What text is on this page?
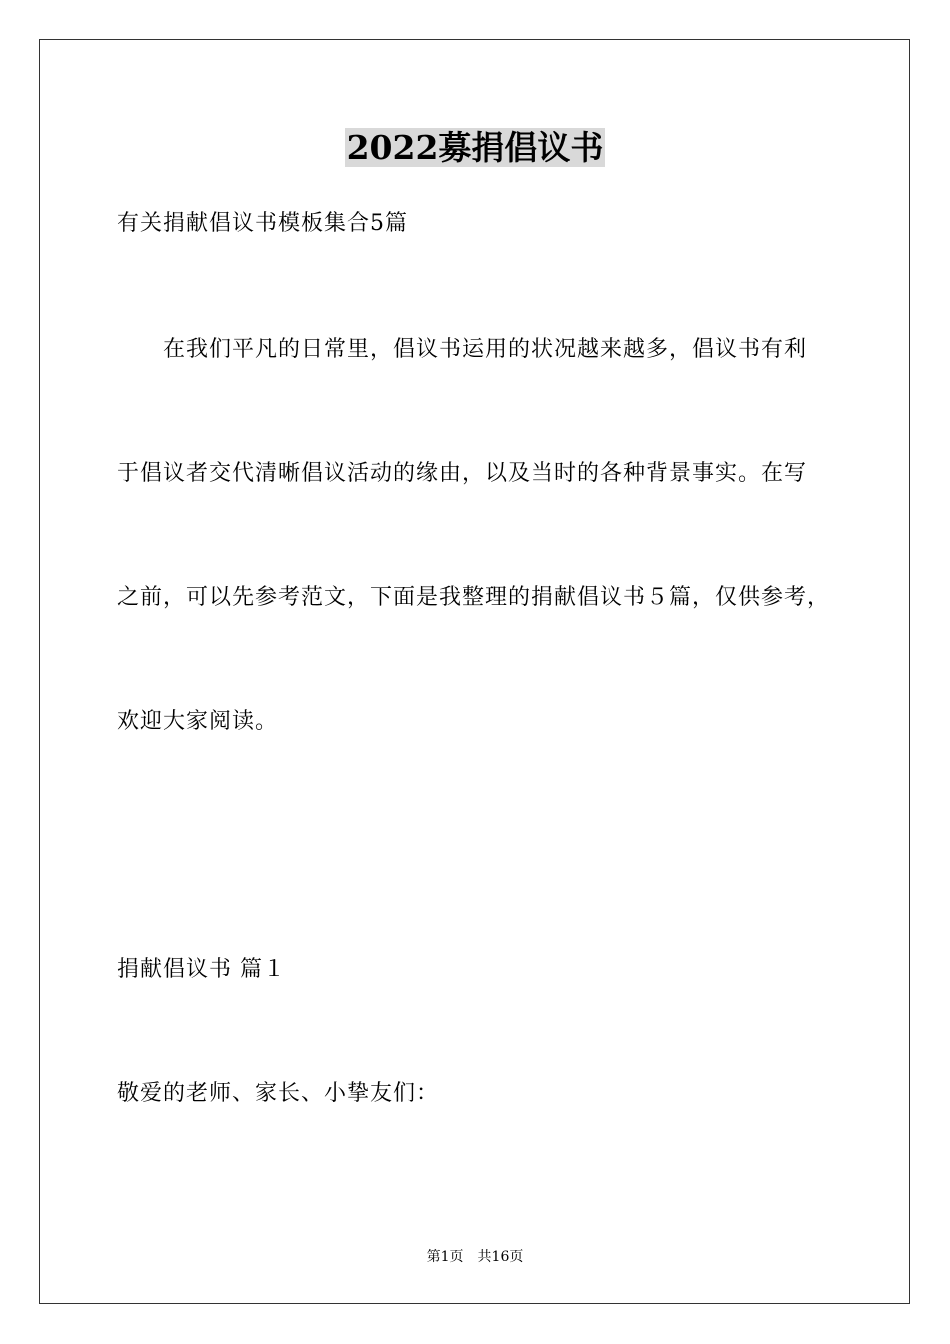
2022募捐倡议书
有关捐献倡议书模板集合5篇
在我们平凡的日常里，倡议书运用的状况越来越多，倡议书有利
于倡议者交代清晰倡议活动的缘由，以及当时的各种背景事实。在写
之前，可以先参考范文，下面是我整理的捐献倡议书５篇，仅供参考，
欢迎大家阅读。
捐献倡议书 篇１
敬爱的老师、家长、小挚友们：
第1页 共16页
